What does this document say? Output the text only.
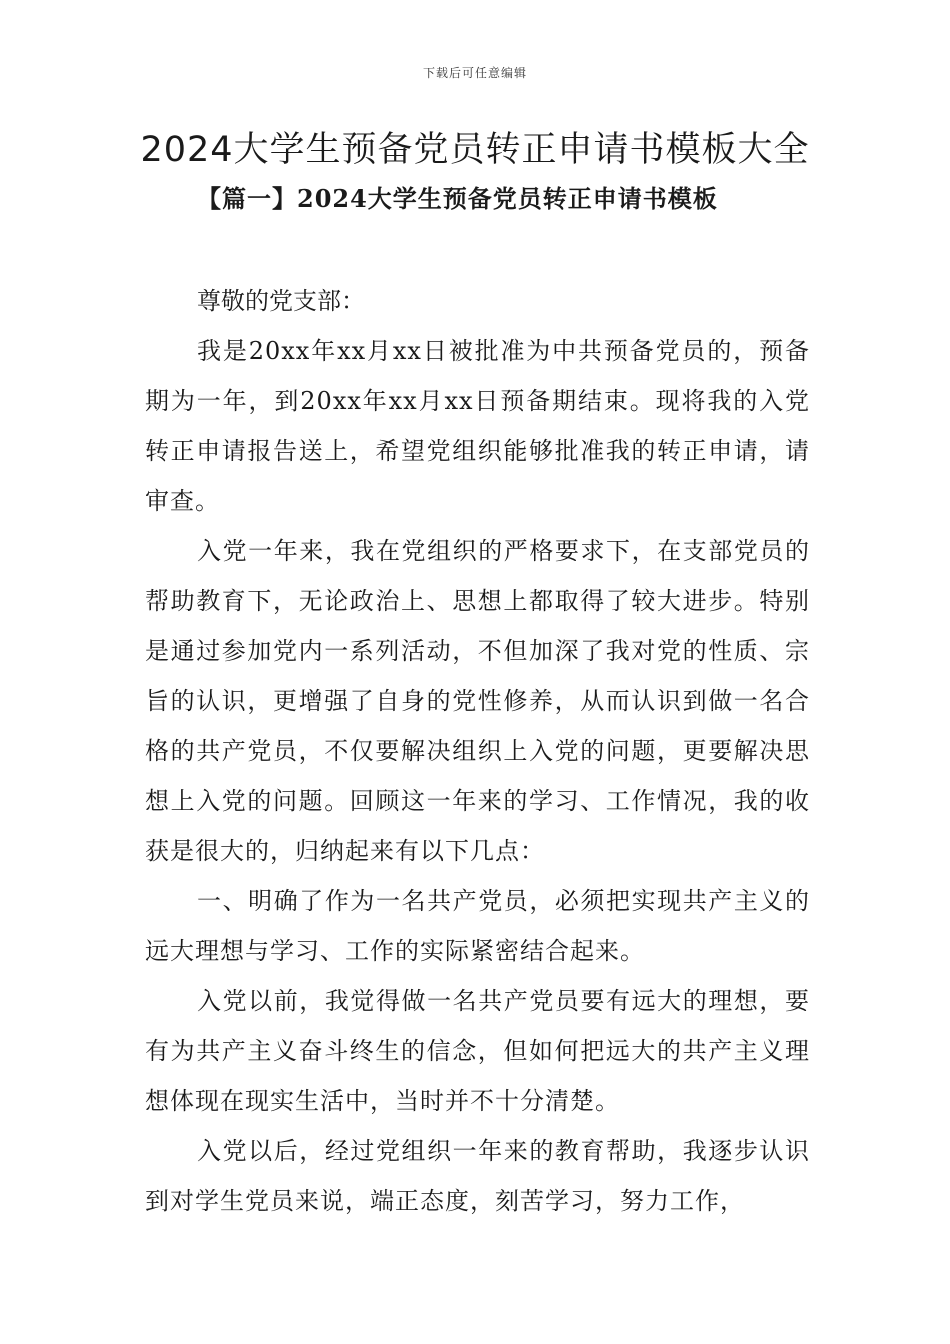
下载后可任意编辑
2024大学生预备党员转正申请书模板大全
【篇一】2024大学生预备党员转正申请书模板

尊敬的党支部：

我是20xx年xx月xx日被批准为中共预备党员的，预备期为一年，到20xx年xx月xx日预备期结束。现将我的入党转正申请报告送上，希望党组织能够批准我的转正申请，请审查。

入党一年来，我在党组织的严格要求下，在支部党员的帮助教育下，无论政治上、思想上都取得了较大进步。特别是通过参加党内一系列活动，不但加深了我对党的性质、宗旨的认识，更增强了自身的党性修养，从而认识到做一名合格的共产党员，不仅要解决组织上入党的问题，更要解决思想上入党的问题。回顾这一年来的学习、工作情况，我的收获是很大的，归纳起来有以下几点：

一、明确了作为一名共产党员，必须把实现共产主义的远大理想与学习、工作的实际紧密结合起来。

入党以前，我觉得做一名共产党员要有远大的理想，要有为共产主义奋斗终生的信念，但如何把远大的共产主义理想体现在现实生活中，当时并不十分清楚。

入党以后，经过党组织一年来的教育帮助，我逐步认识到对学生党员来说，端正态度，刻苦学习，努力工作，
